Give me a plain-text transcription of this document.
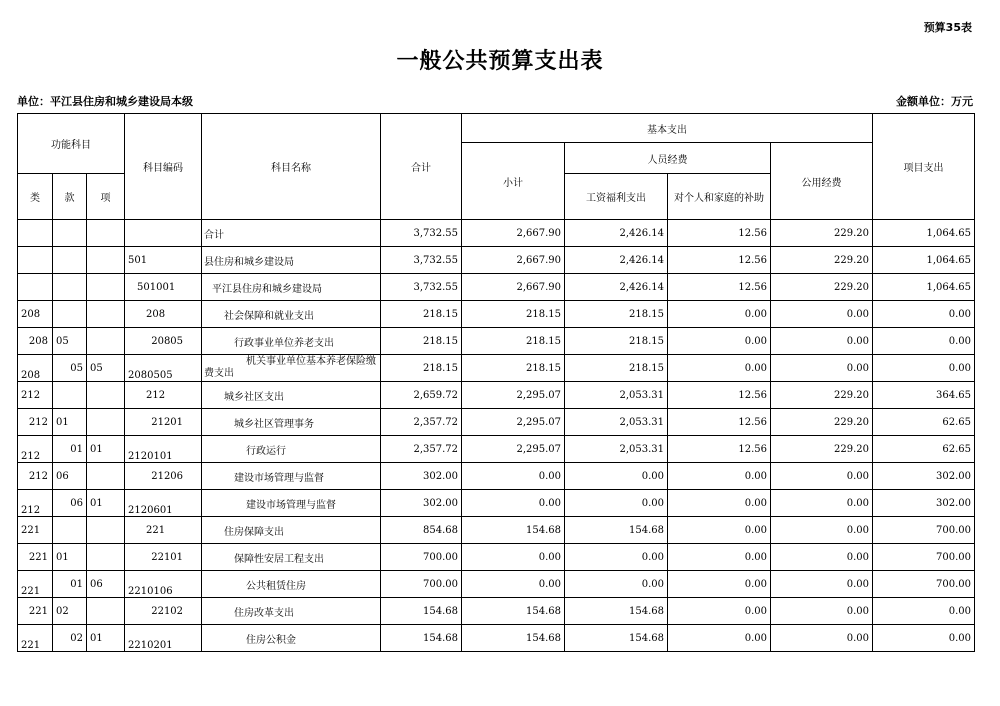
预算35表
一般公共预算支出表
单位：平江县住房和城乡建设局本级	金额单位：万元
功能科目			科目编码	科目名称	合计	基本支出				项目支出
						小计	人员经费		公用经费	
类	款	项					工资福利支出	对个人和家庭的补助		
				合计	3,732.55	2,667.90	2,426.14	12.56	229.20	1,064.65
			501	县住房和城乡建设局	3,732.55	2,667.90	2,426.14	12.56	229.20	1,064.65
			501001	平江县住房和城乡建设局	3,732.55	2,667.90	2,426.14	12.56	229.20	1,064.65
208			208	社会保障和就业支出	218.15	218.15	218.15	0.00	0.00	0.00
208	05		20805	行政事业单位养老支出	218.15	218.15	218.15	0.00	0.00	0.00
208	05	05	2080505	机关事业单位基本养老保险缴费支出	218.15	218.15	218.15	0.00	0.00	0.00
212			212	城乡社区支出	2,659.72	2,295.07	2,053.31	12.56	229.20	364.65
212	01		21201	城乡社区管理事务	2,357.72	2,295.07	2,053.31	12.56	229.20	62.65
212	01	01	2120101	行政运行	2,357.72	2,295.07	2,053.31	12.56	229.20	62.65
212	06		21206	建设市场管理与监督	302.00	0.00	0.00	0.00	0.00	302.00
212	06	01	2120601	建设市场管理与监督	302.00	0.00	0.00	0.00	0.00	302.00
221			221	住房保障支出	854.68	154.68	154.68	0.00	0.00	700.00
221	01		22101	保障性安居工程支出	700.00	0.00	0.00	0.00	0.00	700.00
221	01	06	2210106	公共租赁住房	700.00	0.00	0.00	0.00	0.00	700.00
221	02		22102	住房改革支出	154.68	154.68	154.68	0.00	0.00	0.00
221	02	01	2210201	住房公积金	154.68	154.68	154.68	0.00	0.00	0.00
